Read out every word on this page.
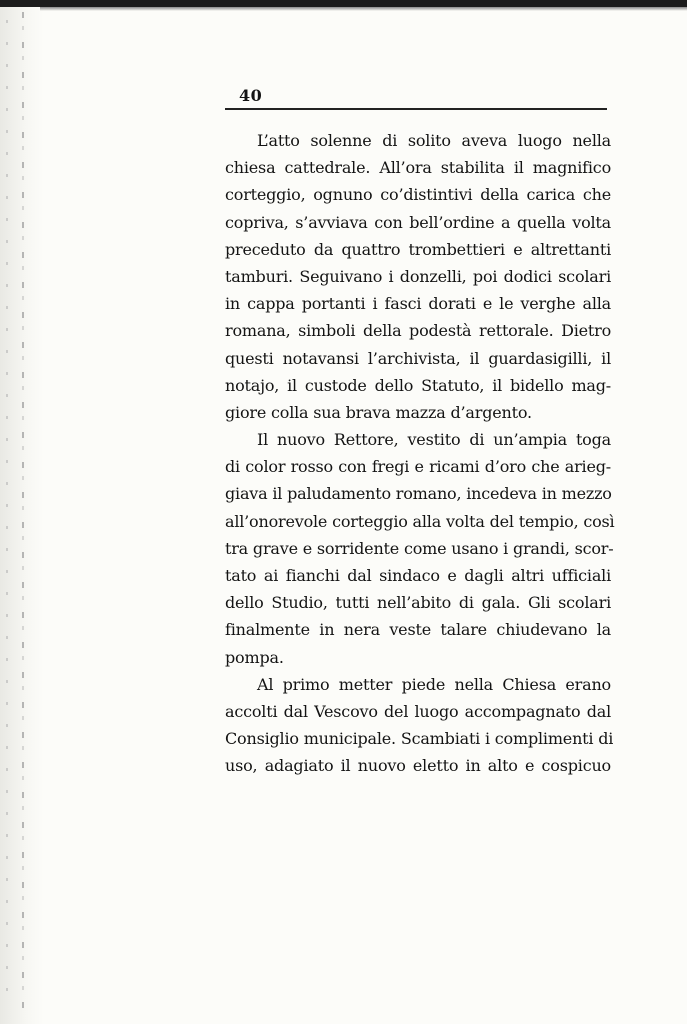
40
L’atto solenne di solito aveva luogo nella
chiesa cattedrale. All’ora stabilita il magnifico
corteggio, ognuno co’distintivi della carica che
copriva, s’avviava con bell’ordine a quella volta
preceduto da quattro trombettieri e altrettanti
tamburi. Seguivano i donzelli, poi dodici scolari
in cappa portanti i fasci dorati e le verghe alla
romana, simboli della podestà rettorale. Dietro
questi notavansi l’archivista, il guardasigilli, il
notajo, il custode dello Statuto, il bidello mag-
giore colla sua brava mazza d’argento.
Il nuovo Rettore, vestito di un’ampia toga
di color rosso con fregi e ricami d’oro che arieg-
giava il paludamento romano, incedeva in mezzo
all’onorevole corteggio alla volta del tempio, così
tra grave e sorridente come usano i grandi, scor-
tato ai fianchi dal sindaco e dagli altri ufficiali
dello Studio, tutti nell’abito di gala. Gli scolari
finalmente in nera veste talare chiudevano la
pompa.
Al primo metter piede nella Chiesa erano
accolti dal Vescovo del luogo accompagnato dal
Consiglio municipale. Scambiati i complimenti di
uso, adagiato il nuovo eletto in alto e cospicuo
